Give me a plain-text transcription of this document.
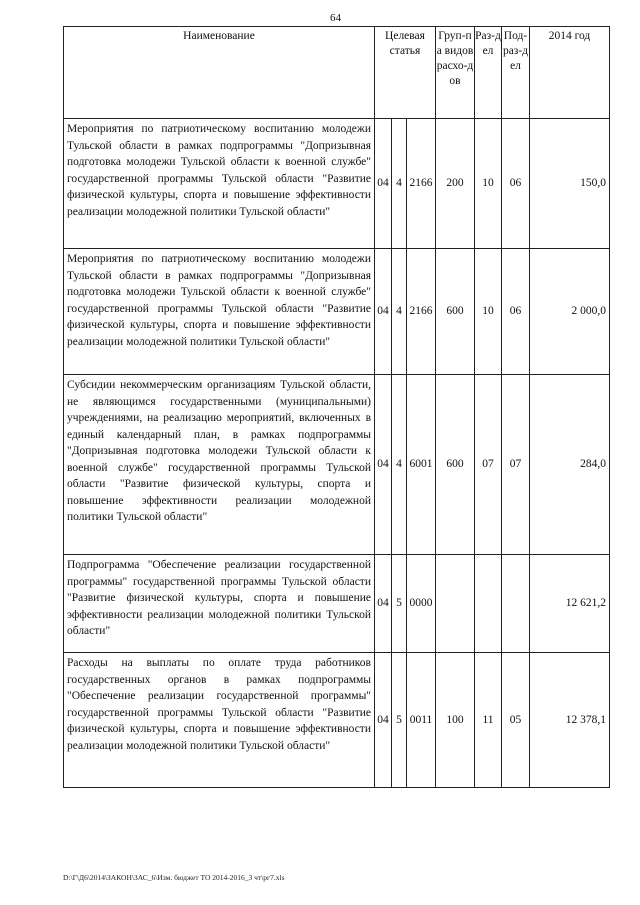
64
Наименование	Целевая статья			Груп-па видов расхо-дов	Раз-дел	Под-раз-дел	2014 год
Мероприятия по патриотическому воспитанию молодежи Тульской области в рамках подпрограммы "Допризывная подготовка молодежи Тульской области к военной службе" государственной программы Тульской области "Развитие физической культуры, спорта и повышение эффективности реализации молодежной политики Тульской области"	04	4	2166	200	10	06	150,0
Мероприятия по патриотическому воспитанию молодежи Тульской области в рамках подпрограммы "Допризывная подготовка молодежи Тульской области к военной службе" государственной программы Тульской области "Развитие физической культуры, спорта и повышение эффективности реализации молодежной политики Тульской области"	04	4	2166	600	10	06	2 000,0
Субсидии некоммерческим организациям Тульской области, не являющимся государственными (муниципальными) учреждениями, на реализацию мероприятий, включенных в единый календарный план, в рамках подпрограммы "Допризывная подготовка молодежи Тульской области к военной службе" государственной программы Тульской области "Развитие физической культуры, спорта и повышение эффективности реализации молодежной политики Тульской области"	04	4	6001	600	07	07	284,0
Подпрограмма "Обеспечение реализации государственной программы" государственной программы Тульской области "Развитие физической культуры, спорта и повышение эффективности реализации молодежной политики Тульской области"	04	5	0000				12 621,2
Расходы на выплаты по оплате труда работников государственных органов в рамках подпрограммы "Обеспечение реализации государственной программы" государственной программы Тульской области "Развитие физической культуры, спорта и повышение эффективности реализации молодежной политики Тульской области"	04	5	0011	100	11	05	12 378,1
D:\Г\Д6\2014\ЗАКОН\ЗАС_6\Изм. бюджет ТО 2014-2016_3 чт\рг7.xls
